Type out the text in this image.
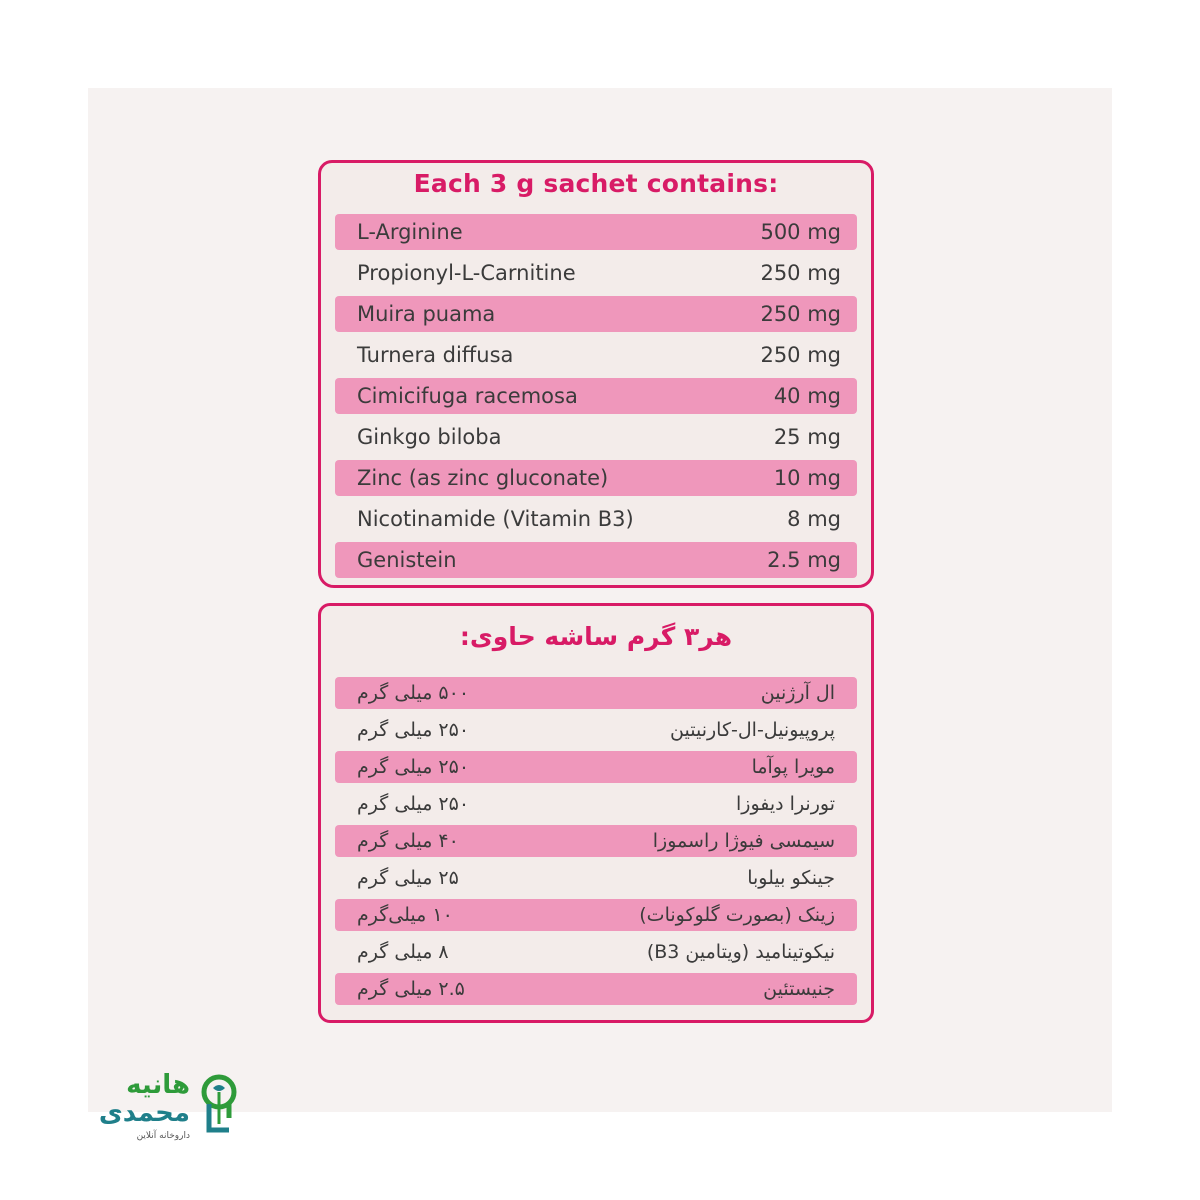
Each 3 g sachet contains:
L-Arginine	500 mg
Propionyl-L-Carnitine	250 mg
Muira puama	250 mg
Turnera diffusa	250 mg
Cimicifuga racemosa	40 mg
Ginkgo biloba	25 mg
Zinc (as zinc gluconate)	10 mg
Nicotinamide (Vitamin B3)	8 mg
Genistein	2.5 mg
هر۳ گرم ساشه حاوی:
۵۰۰ میلی گرم	ال آرژنین
۲۵۰ میلی گرم	پروپیونیل-ال-کارنیتین
۲۵۰ میلی گرم	مویرا پوآما
۲۵۰ میلی گرم	تورنرا دیفوزا
۴۰ میلی گرم	سیمسی فیوژا راسموزا
۲۵ میلی گرم	جینکو بیلوبا
۱۰ میلی‌گرم	زینک (بصورت گلوکونات)
۸ میلی گرم	نیکوتینامید (ویتامین B3)
۲.۵ میلی گرم	جنیستئین
هانیه
محمدی
داروخانه آنلاین
